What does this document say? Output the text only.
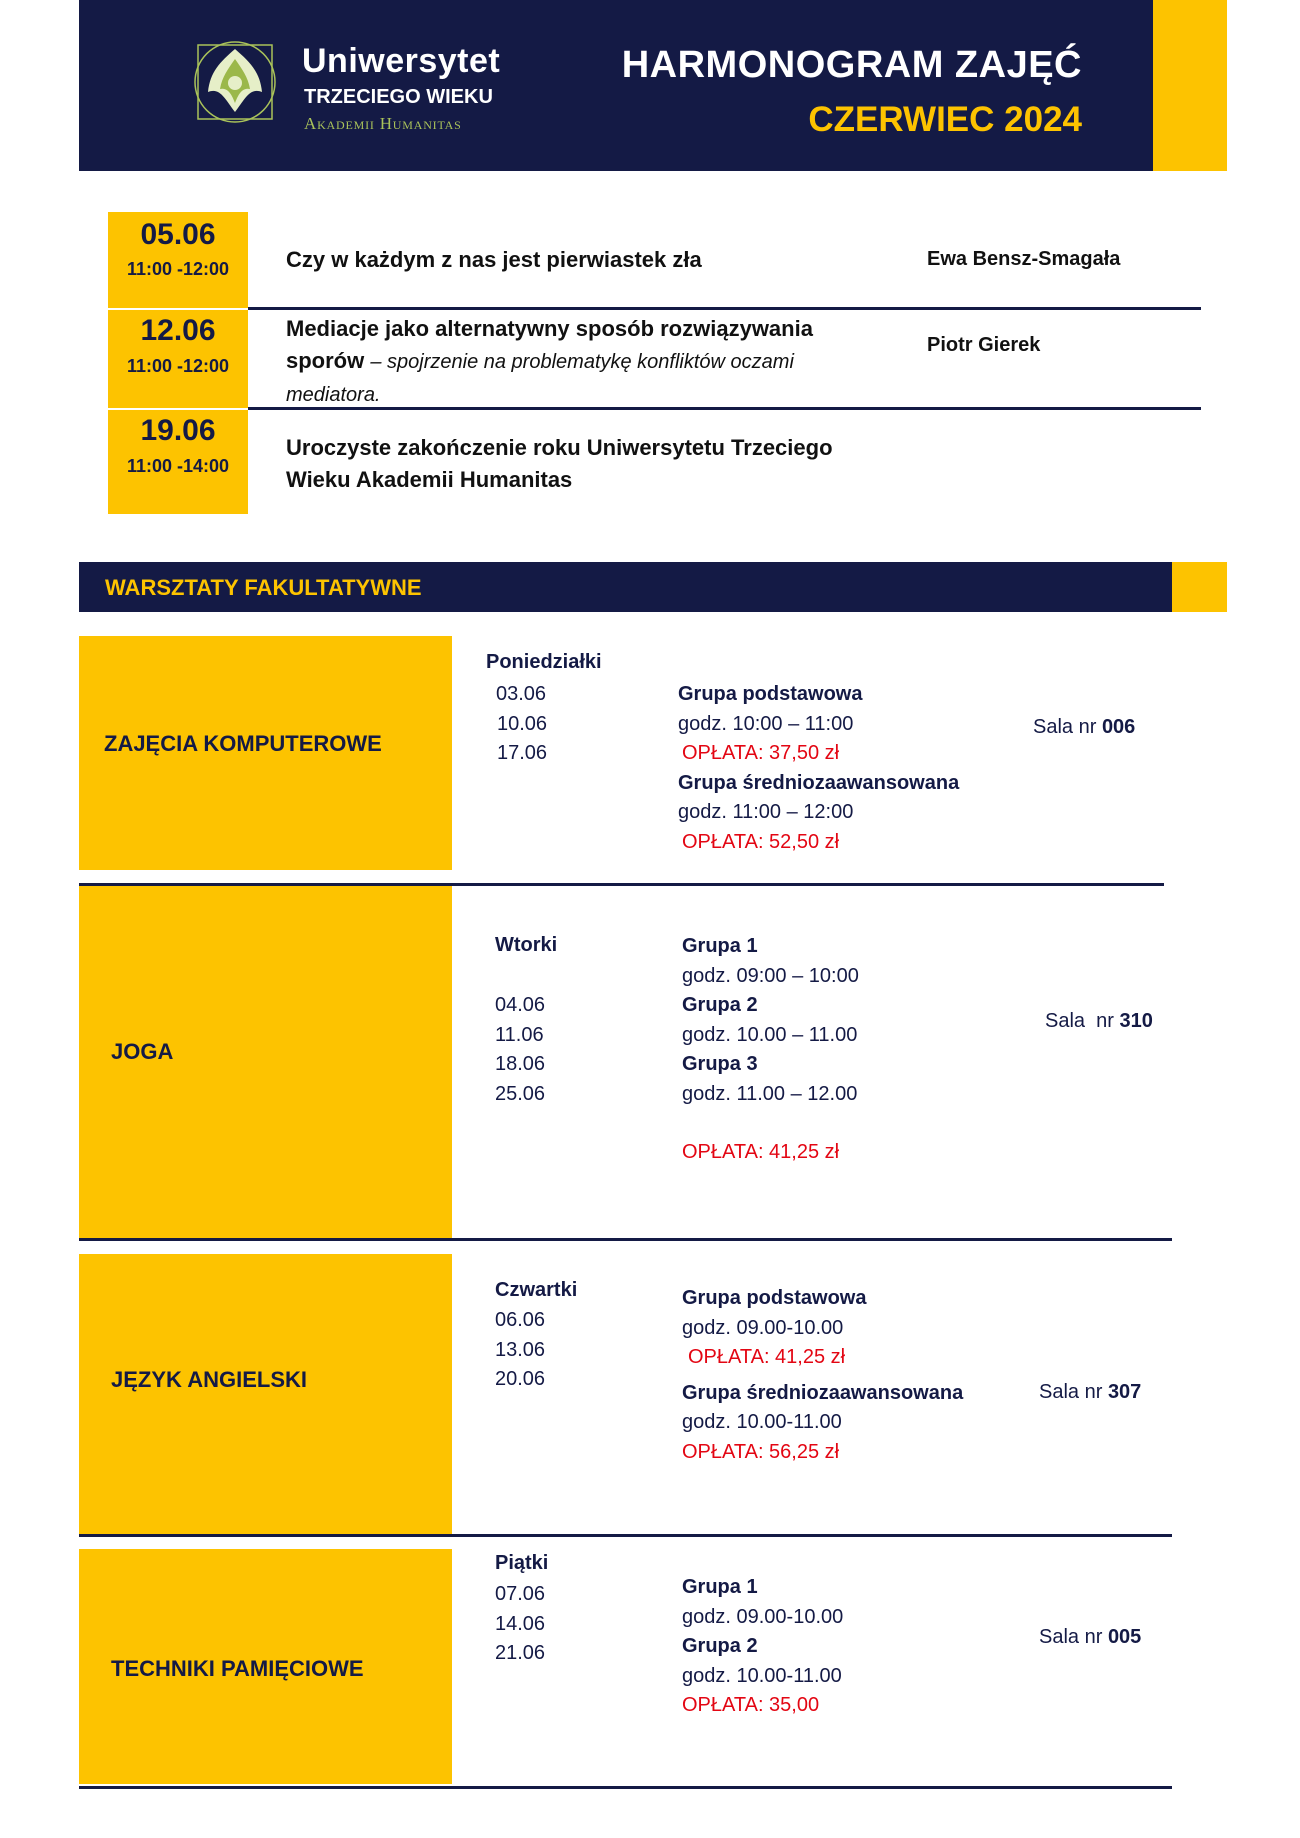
Uniwersytet
TRZECIEGO WIEKU
Akademii Humanitas
HARMONOGRAM ZAJĘĆ
CZERWIEC 2024
05.06
11:00 -12:00	Czy w każdym z nas jest pierwiastek zła	Ewa Bensz-Smagała
12.06
11:00 -12:00
Mediacje jako alternatywny sposób rozwiązywania sporów – spojrzenie na problematykę konfliktów oczami mediatora.
Piotr Gierek
19.06
11:00 -14:00
Uroczyste zakończenie roku Uniwersytetu Trzeciego Wieku Akademii Humanitas
WARSZTATY FAKULTATYWNE
ZAJĘCIA KOMPUTEROWE
Poniedziałki
03.06
10.06
17.06
Grupa podstawowa
godz. 10:00 – 11:00
OPŁATA: 37,50 zł
Grupa średniozaawansowana
godz. 11:00 – 12:00
OPŁATA: 52,50 zł
Sala nr 006
JOGA
Wtorki
04.06
11.06
18.06
25.06
Grupa 1
godz. 09:00 – 10:00
Grupa 2
godz. 10.00 – 11.00
Grupa 3
godz. 11.00 – 12.00
OPŁATA: 41,25 zł
Sala  nr 310
JĘZYK ANGIELSKI
Czwartki
06.06
13.06
20.06
Grupa podstawowa
godz. 09.00-10.00
OPŁATA: 41,25 zł
Grupa średniozaawansowana
godz. 10.00-11.00
OPŁATA: 56,25 zł
Sala nr 307
TECHNIKI PAMIĘCIOWE
Piątki
07.06
14.06
21.06
Grupa 1
godz. 09.00-10.00
Grupa 2
godz. 10.00-11.00
OPŁATA: 35,00
Sala nr 005
